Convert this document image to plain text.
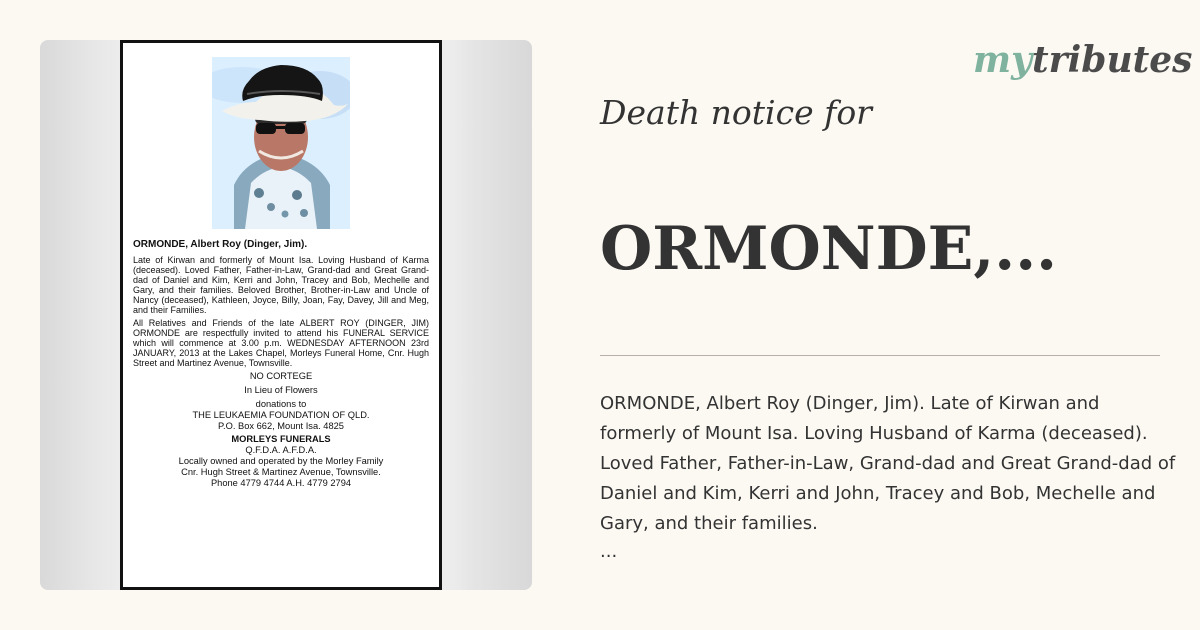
mytributes
ORMONDE, Albert Roy (Dinger, Jim).

Late of Kirwan and formerly of Mount Isa. Loving Husband of Karma (deceased). Loved Father, Father-in-Law, Grand-dad and Great Grand-dad of Daniel and Kim, Kerri and John, Tracey and Bob, Mechelle and Gary, and their families. Beloved Brother, Brother-in-Law and Uncle of Nancy (deceased), Kathleen, Joyce, Billy, Joan, Fay, Davey, Jill and Meg, and their Families.

All Relatives and Friends of the late ALBERT ROY (DINGER, JIM) ORMONDE are respectfully invited to attend his FUNERAL SERVICE which will commence at 3.00 p.m. WEDNESDAY AFTERNOON 23rd JANUARY, 2013 at the Lakes Chapel, Morleys Funeral Home, Cnr. Hugh Street and Martinez Avenue, Townsville.

NO CORTEGE

In Lieu of Flowers

donations to

THE LEUKAEMIA FOUNDATION OF QLD.

P.O. Box 662, Mount Isa. 4825

MORLEYS FUNERALS

Q.F.D.A. A.F.D.A.

Locally owned and operated by the Morley Family

Cnr. Hugh Street & Martinez Avenue, Townsville.

Phone 4779 4744 A.H. 4779 2794

Death notice for
ORMONDE,...

ORMONDE, Albert Roy (Dinger, Jim). Late of Kirwan and formerly of Mount Isa. Loving Husband of Karma (deceased). Loved Father, Father-in-Law, Grand-dad and Great Grand-dad of Daniel and Kim, Kerri and John, Tracey and Bob, Mechelle and Gary, and their families.

...
